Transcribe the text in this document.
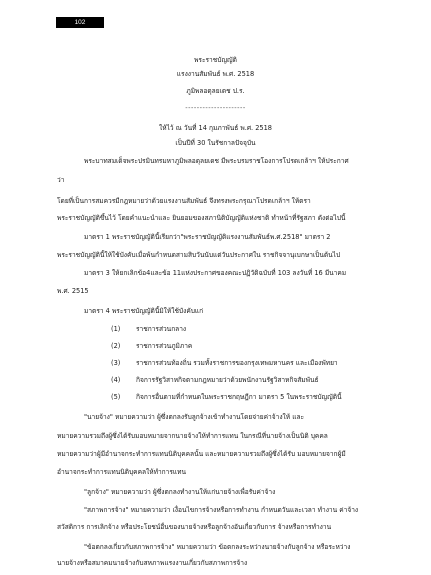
102
พระราชบัญญัติ
แรงงานสัมพันธ์ พ.ศ. 2518
ภูมิพลอดุลยเดช ป.ร.
---------------------
ให้ไว้ ณ วันที่ 14 กุมภาพันธ์ พ.ศ. 2518
เป็นปีที่ 30 ในรัชกาลปัจจุบัน
พระบาทสมเด็จพระปรมินทรมหาภูมิพลอดุลยเดช มีพระบรมราชโองการโปรดเกล้าฯ ให้ประกาศ
ว่า
โดยที่เป็นการสมควรมีกฎหมายว่าด้วยแรงงานสัมพันธ์ จึงทรงพระกรุณาโปรดเกล้าฯ ให้ตรา
พระราชบัญญัติขึ้นไว้ โดยคำแนะนำและ ยินยอมของสภานิติบัญญัติแห่งชาติ ทำหน้าที่รัฐสภา ดังต่อไปนี้
มาตรา 1 พระราชบัญญัตินี้เรียกว่า"พระราชบัญญัติแรงงานสัมพันธ์พ.ศ.2518" มาตรา 2
พระราชบัญญัตินี้ให้ใช้บังคับเมื่อพ้นกำหนดสามสิบวันนับแต่วันประกาศใน ราชกิจจานุเบกษาเป็นต้นไป
มาตรา 3 ให้ยกเลิกข้อ4และข้อ 11แห่งประกาศของคณะปฏิวัติฉบับที่ 103 ลงวันที่ 16 มีนาคม
พ.ศ. 2515
มาตรา 4 พระราชบัญญัตินี้มิให้ใช้บังคับแก่
(1) ราชการส่วนกลาง
(2) ราชการส่วนภูมิภาค
(3) ราชการส่วนท้องถิ่น รวมทั้งราชการของกรุงเทพมหานคร และเมืองพัทยา
(4) กิจการรัฐวิสาหกิจตามกฎหมายว่าด้วยพนักงานรัฐวิสาหกิจสัมพันธ์
(5) กิจการอื่นตามที่กำหนดในพระราชกฤษฎีกา มาตรา 5 ในพระราชบัญญัตินี้
"นายจ้าง" หมายความว่า ผู้ซึ่งตกลงรับลูกจ้างเข้าทำงานโดยจ่ายค่าจ้างให้ และ
หมายความรวมถึงผู้ซึ่งได้รับมอบหมายจากนายจ้างให้ทำการแทน ในกรณีที่นายจ้างเป็นนิติ บุคคล
หมายความว่าผู้มีอำนาจกระทำการแทนนิติบุคคลนั้น และหมายความรวมถึงผู้ซึ่งได้รับ มอบหมายจากผู้มี
อำนาจกระทำการแทนนิติบุคคลให้ทำการแทน
"ลูกจ้าง" หมายความว่า ผู้ซึ่งตกลงทำงานให้แก่นายจ้างเพื่อรับค่าจ้าง
"สภาพการจ้าง" หมายความว่า เงื่อนไขการจ้างหรือการทำงาน กำหนดวันและเวลา ทำงาน ค่าจ้าง
สวัสดิการ การเลิกจ้าง หรือประโยชน์อื่นของนายจ้างหรือลูกจ้างอันเกี่ยวกับการ จ้างหรือการทำงาน
"ข้อตกลงเกี่ยวกับสภาพการจ้าง" หมายความว่า ข้อตกลงระหว่างนายจ้างกับลูกจ้าง หรือระหว่าง
นายจ้างหรือสมาคมนายจ้างกับสหภาพแรงงานเกี่ยวกับสภาพการจ้าง
